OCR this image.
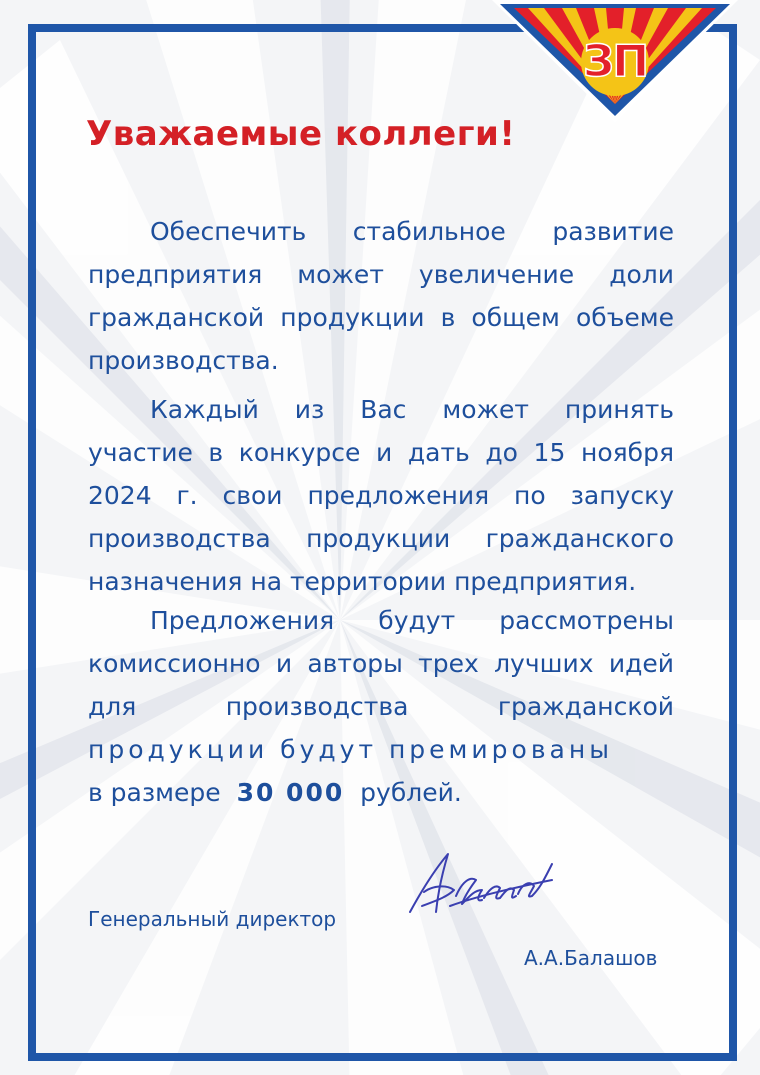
ЗП
Уважаемые коллеги!

Обеспечить стабильное развитие предприятия может увеличение доли гражданской продукции в общем объеме производства.

Каждый из Вас может принять участие в конкурсе и дать до 15 ноября 2024 г. свои предложения по запуску производства продукции гражданского назначения на территории предприятия.

Предложения будут рассмотрены комиссионно и авторы трех лучших идей для производства гражданской продукции будут премированы
в размере 30 000 рублей.

Генеральный директор
А.А.Балашов
